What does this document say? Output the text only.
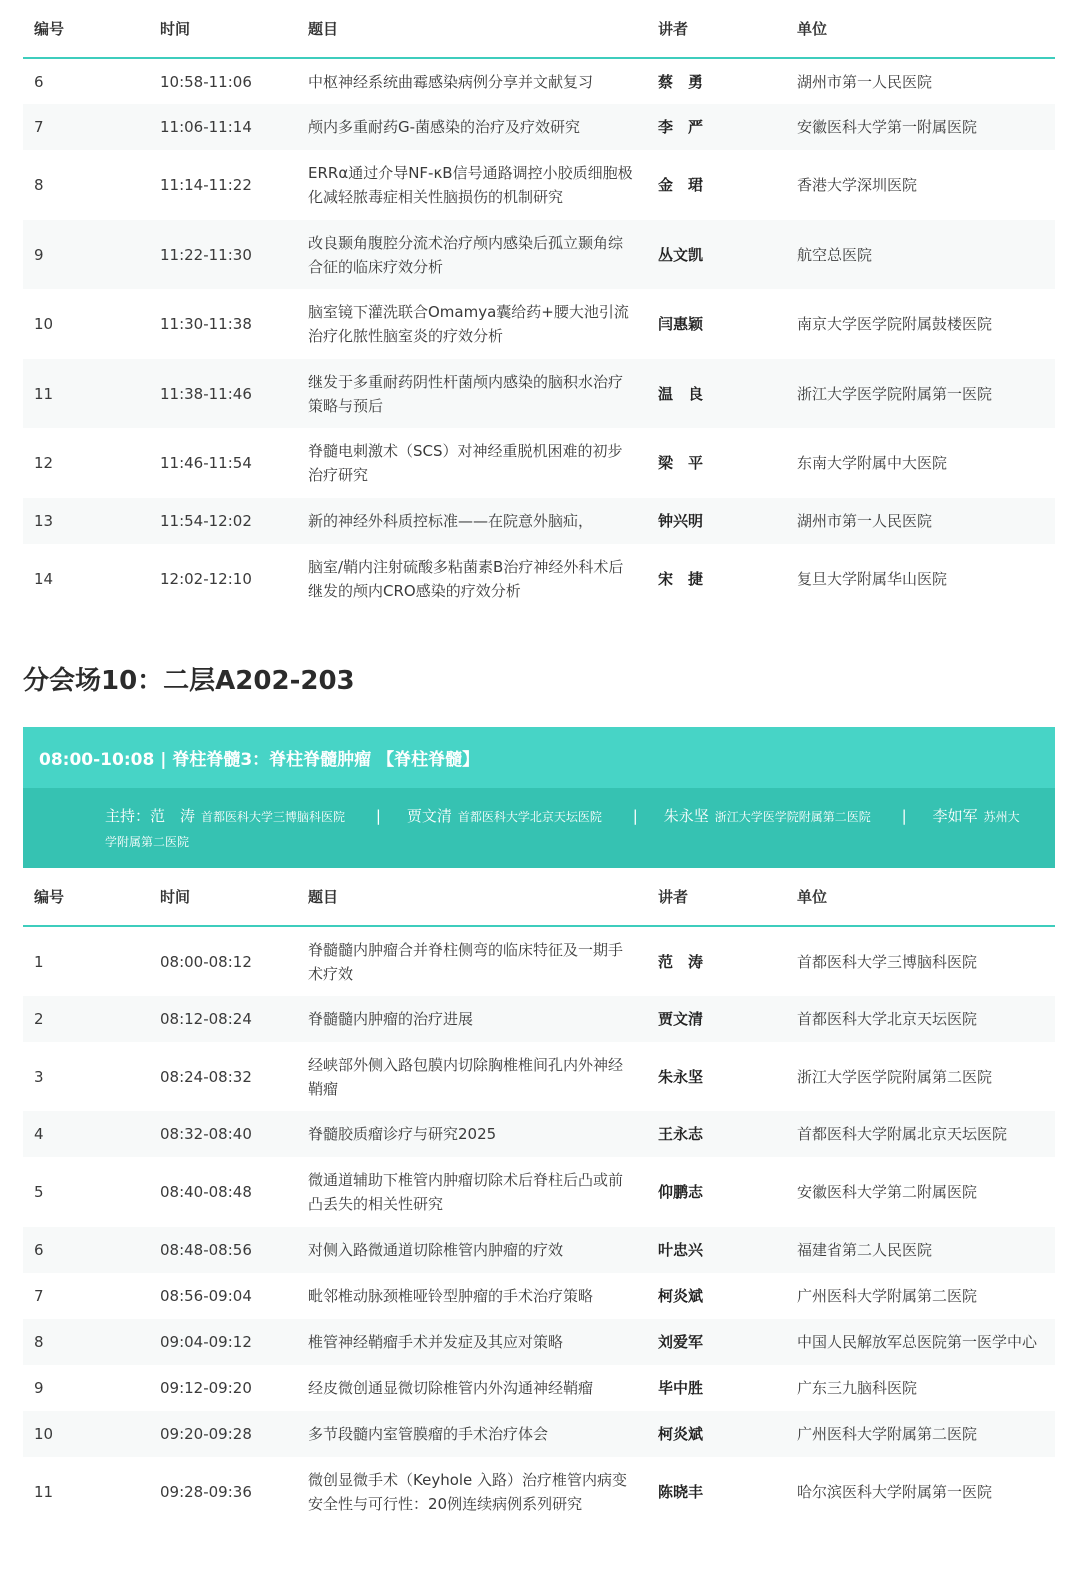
编号	时间	题目	讲者	单位
6	10:58-11:06	中枢神经系统曲霉感染病例分享并文献复习	蔡　勇	湖州市第一人民医院
7	11:06-11:14	颅内多重耐药G-菌感染的治疗及疗效研究	李　严	安徽医科大学第一附属医院
8	11:14-11:22	ERRα通过介导NF-κB信号通路调控小胶质细胞极化减轻脓毒症相关性脑损伤的机制研究	金　珺	香港大学深圳医院
9	11:22-11:30	改良颞角腹腔分流术治疗颅内感染后孤立颞角综合征的临床疗效分析	丛文凯	航空总医院
10	11:30-11:38	脑室镜下灌洗联合Omamya囊给药+腰大池引流治疗化脓性脑室炎的疗效分析	闫惠颖	南京大学医学院附属鼓楼医院
11	11:38-11:46	继发于多重耐药阴性杆菌颅内感染的脑积水治疗策略与预后	温　良	浙江大学医学院附属第一医院
12	11:46-11:54	脊髓电刺激术（SCS）对神经重脱机困难的初步治疗研究	梁　平	东南大学附属中大医院
13	11:54-12:02	新的神经外科质控标准——在院意外脑疝，	钟兴明	湖州市第一人民医院
14	12:02-12:10	脑室/鞘内注射硫酸多粘菌素B治疗神经外科术后继发的颅内CRO感染的疗效分析	宋　捷	复旦大学附属华山医院
分会场10：二层A202-203
08:00-10:08 | 脊柱脊髓3：脊柱脊髓肿瘤 【脊柱脊髓】
主持：范　涛 首都医科大学三博脑科医院 | 贾文清 首都医科大学北京天坛医院 | 朱永坚 浙江大学医学院附属第二医院 | 李如军 苏州大学附属第二医院
编号	时间	题目	讲者	单位
1	08:00-08:12	脊髓髓内肿瘤合并脊柱侧弯的临床特征及一期手术疗效	范　涛	首都医科大学三博脑科医院
2	08:12-08:24	脊髓髓内肿瘤的治疗进展	贾文清	首都医科大学北京天坛医院
3	08:24-08:32	经峡部外侧入路包膜内切除胸椎椎间孔内外神经鞘瘤	朱永坚	浙江大学医学院附属第二医院
4	08:32-08:40	脊髓胶质瘤诊疗与研究2025	王永志	首都医科大学附属北京天坛医院
5	08:40-08:48	微通道辅助下椎管内肿瘤切除术后脊柱后凸或前凸丢失的相关性研究	仰鹏志	安徽医科大学第二附属医院
6	08:48-08:56	对侧入路微通道切除椎管内肿瘤的疗效	叶忠兴	福建省第二人民医院
7	08:56-09:04	毗邻椎动脉颈椎哑铃型肿瘤的手术治疗策略	柯炎斌	广州医科大学附属第二医院
8	09:04-09:12	椎管神经鞘瘤手术并发症及其应对策略	刘爱军	中国人民解放军总医院第一医学中心
9	09:12-09:20	经皮微创通显微切除椎管内外沟通神经鞘瘤	毕中胜	广东三九脑科医院
10	09:20-09:28	多节段髓内室管膜瘤的手术治疗体会	柯炎斌	广州医科大学附属第二医院
11	09:28-09:36	微创显微手术（Keyhole 入路）治疗椎管内病变安全性与可行性：20例连续病例系列研究	陈晓丰	哈尔滨医科大学附属第一医院
